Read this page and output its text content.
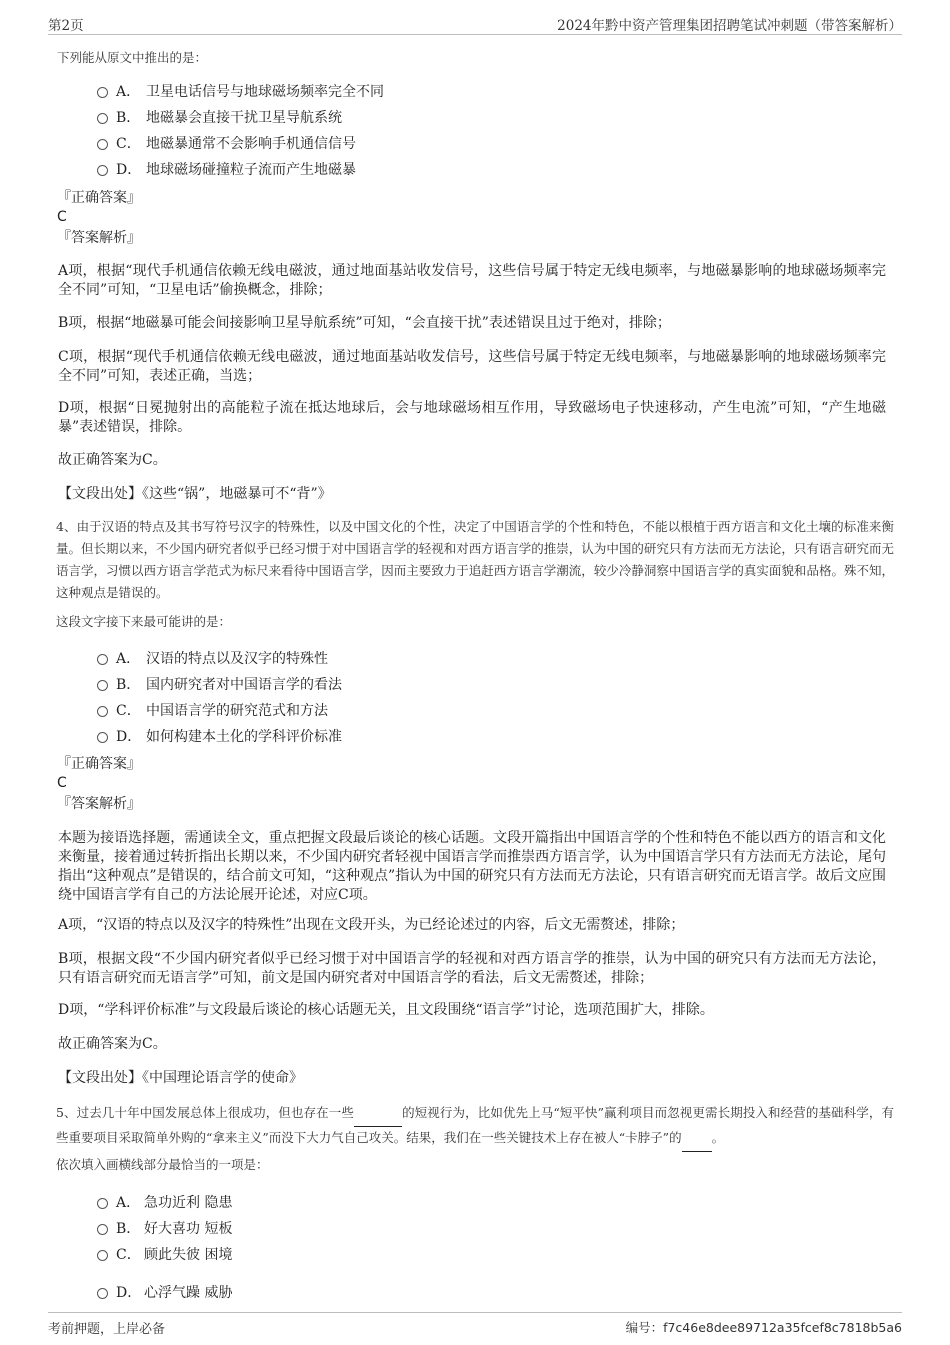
第2页	2024年黔中资产管理集团招聘笔试冲刺题（带答案解析）
下列能从原文中推出的是：
A． 卫星电话信号与地球磁场频率完全不同
B． 地磁暴会直接干扰卫星导航系统
C． 地磁暴通常不会影响手机通信信号
D． 地球磁场碰撞粒子流而产生地磁暴
『正确答案』
C
『答案解析』
A项，根据“现代手机通信依赖无线电磁波，通过地面基站收发信号，这些信号属于特定无线电频率，与地磁暴影响的地球磁场频率完全不同”可知，“卫星电话”偷换概念，排除；
B项，根据“地磁暴可能会间接影响卫星导航系统”可知，“会直接干扰”表述错误且过于绝对，排除；
C项，根据“现代手机通信依赖无线电磁波，通过地面基站收发信号，这些信号属于特定无线电频率，与地磁暴影响的地球磁场频率完全不同”可知，表述正确，当选；
D项，根据“日冕抛射出的高能粒子流在抵达地球后，会与地球磁场相互作用，导致磁场电子快速移动，产生电流”可知，“产生地磁暴”表述错误，排除。
故正确答案为C。
【文段出处】《这些“锅”，地磁暴可不“背”》
4、由于汉语的特点及其书写符号汉字的特殊性，以及中国文化的个性，决定了中国语言学的个性和特色，不能以根植于西方语言和文化土壤的标准来衡量。但长期以来，不少国内研究者似乎已经习惯于对中国语言学的轻视和对西方语言学的推崇，认为中国的研究只有方法而无方法论，只有语言研究而无语言学，习惯以西方语言学范式为标尺来看待中国语言学，因而主要致力于追赶西方语言学潮流，较少冷静洞察中国语言学的真实面貌和品格。殊不知，这种观点是错误的。
这段文字接下来最可能讲的是：
A． 汉语的特点以及汉字的特殊性
B． 国内研究者对中国语言学的看法
C． 中国语言学的研究范式和方法
D． 如何构建本土化的学科评价标准
『正确答案』
C
『答案解析』
本题为接语选择题，需通读全文，重点把握文段最后谈论的核心话题。文段开篇指出中国语言学的个性和特色不能以西方的语言和文化来衡量，接着通过转折指出长期以来，不少国内研究者轻视中国语言学而推崇西方语言学，认为中国语言学只有方法而无方法论，尾句指出“这种观点”是错误的，结合前文可知，“这种观点”指认为中国的研究只有方法而无方法论，只有语言研究而无语言学。故后文应围绕中国语言学有自己的方法论展开论述，对应C项。
A项，“汉语的特点以及汉字的特殊性”出现在文段开头，为已经论述过的内容，后文无需赘述，排除；
B项，根据文段“不少国内研究者似乎已经习惯于对中国语言学的轻视和对西方语言学的推崇，认为中国的研究只有方法而无方法论，只有语言研究而无语言学”可知，前文是国内研究者对中国语言学的看法，后文无需赘述，排除；
D项，“学科评价标准”与文段最后谈论的核心话题无关，且文段围绕“语言学”讨论，选项范围扩大，排除。
故正确答案为C。
【文段出处】《中国理论语言学的使命》
5、过去几十年中国发展总体上很成功，但也存在一些	的短视行为，比如优先上马“短平快”赢利项目而忽视更需长期投入和经营的基础科学，有些重要项目采取简单外购的“拿来主义”而没下大力气自己攻关。结果，我们在一些关键技术上存在被人“卡脖子”的 。
依次填入画横线部分最恰当的一项是：
A． 急功近利 隐患
B． 好大喜功 短板
C． 顾此失彼 困境
D． 心浮气躁 威胁
考前押题，上岸必备	编号：f7c46e8dee89712a35fcef8c7818b5a6
